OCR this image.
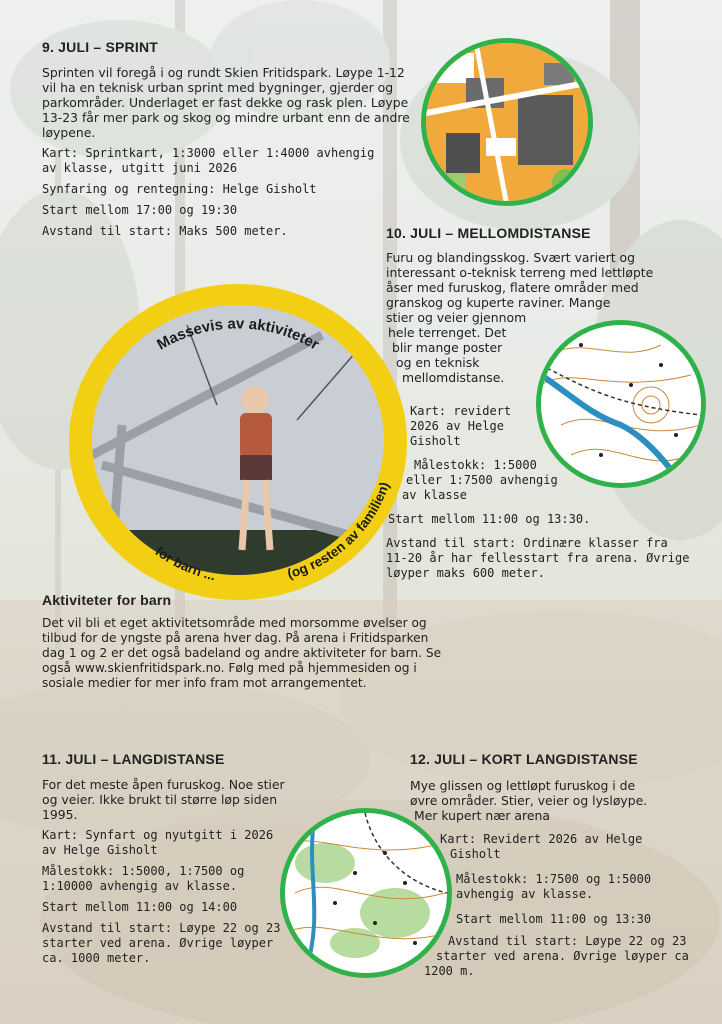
9. JULI – SPRINT

Sprinten vil foregå i og rundt Skien Fritidspark. Løype 1-12 vil ha en teknisk urban sprint med bygninger, gjerder og parkområder. Underlaget er fast dekke og rask plen. Løype 13-23 får mer park og skog og mindre urbant enn de andre løypene.

Kart: Sprintkart, 1:3000 eller 1:4000 avhengig av klasse, utgitt juni 2026

Synfaring og rentegning: Helge Gisholt

Start mellom 17:00 og 19:30

Avstand til start: Maks 500 meter.	10. JULI – MELLOMDISTANSE
Furu og blandingsskog. Svært variert og
interessant o-teknisk terreng med lettløpte
åser med furuskog, flatere områder med
granskog og kuperte raviner. Mange
stier og veier gjennom
hele terrenget. Det
blir mange poster
og en teknisk
mellomdistanse.
Kart: revidert
2026 av Helge
Gisholt
Målestokk: 1:5000
eller 1:7500 avhengig
av klasse
Start mellom 11:00 og 13:30.
Avstand til start: Ordinære klasser fra
11-20 år har fellesstart fra arena. Øvrige
løyper maks 600 meter.
Massevis av aktiviteter
for barn ...	(og resten av familien)
Aktiviteter for barn

Det vil bli et eget aktivitetsområde med morsomme øvelser og tilbud for de yngste på arena hver dag. På arena i Fritidsparken dag 1 og 2 er det også badeland og andre aktiviteter for barn. Se også www.skienfritidspark.no. Følg med på hjemmesiden og i sosiale medier for mer info fram mot arrangementet.

11. JULI – LANGDISTANSE

For det meste åpen furuskog. Noe stier og veier. Ikke brukt til større løp siden 1995.

Kart: Synfart og nyutgitt i 2026 av Helge Gisholt

Målestokk: 1:5000, 1:7500 og 1:10000 avhengig av klasse.

Start mellom 11:00 og 14:00

Avstand til start: Løype 22 og 23 starter ved arena. Øvrige løyper ca. 1000 meter.

12. JULI – KORT LANGDISTANSE
Mye glissen og lettløpt furuskog i de
øvre områder. Stier, veier og lysløype.
Mer kupert nær arena
Kart: Revidert 2026 av Helge
Gisholt
Målestokk: 1:7500 og 1:5000
avhengig av klasse.
Start mellom 11:00 og 13:30
Avstand til start: Løype 22 og 23
starter ved arena. Øvrige løyper ca
1200 m.
